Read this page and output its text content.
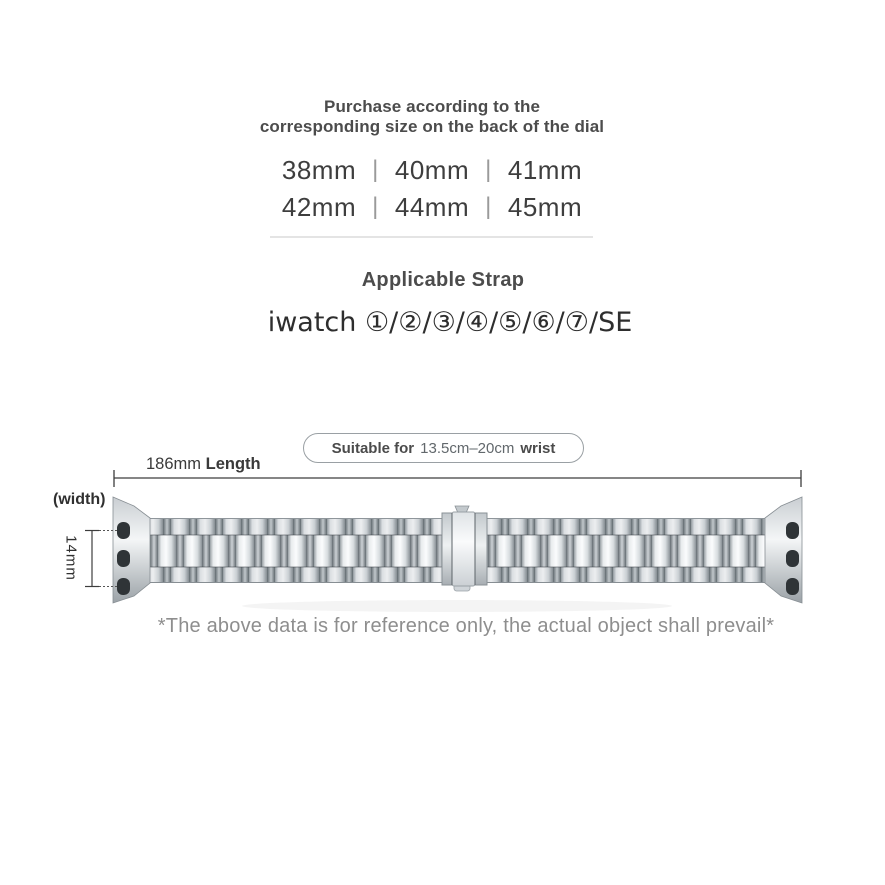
Purchase according to the
corresponding size on the back of the dial
38mm | 40mm | 41mm
42mm | 44mm | 45mm
Applicable Strap
iwatch ①/②/③/④/⑤/⑥/⑦/SE
Suitable for 13.5cm–20cm wrist
186mm Length
(width)
14mm
*The above data is for reference only, the actual object shall prevail*
